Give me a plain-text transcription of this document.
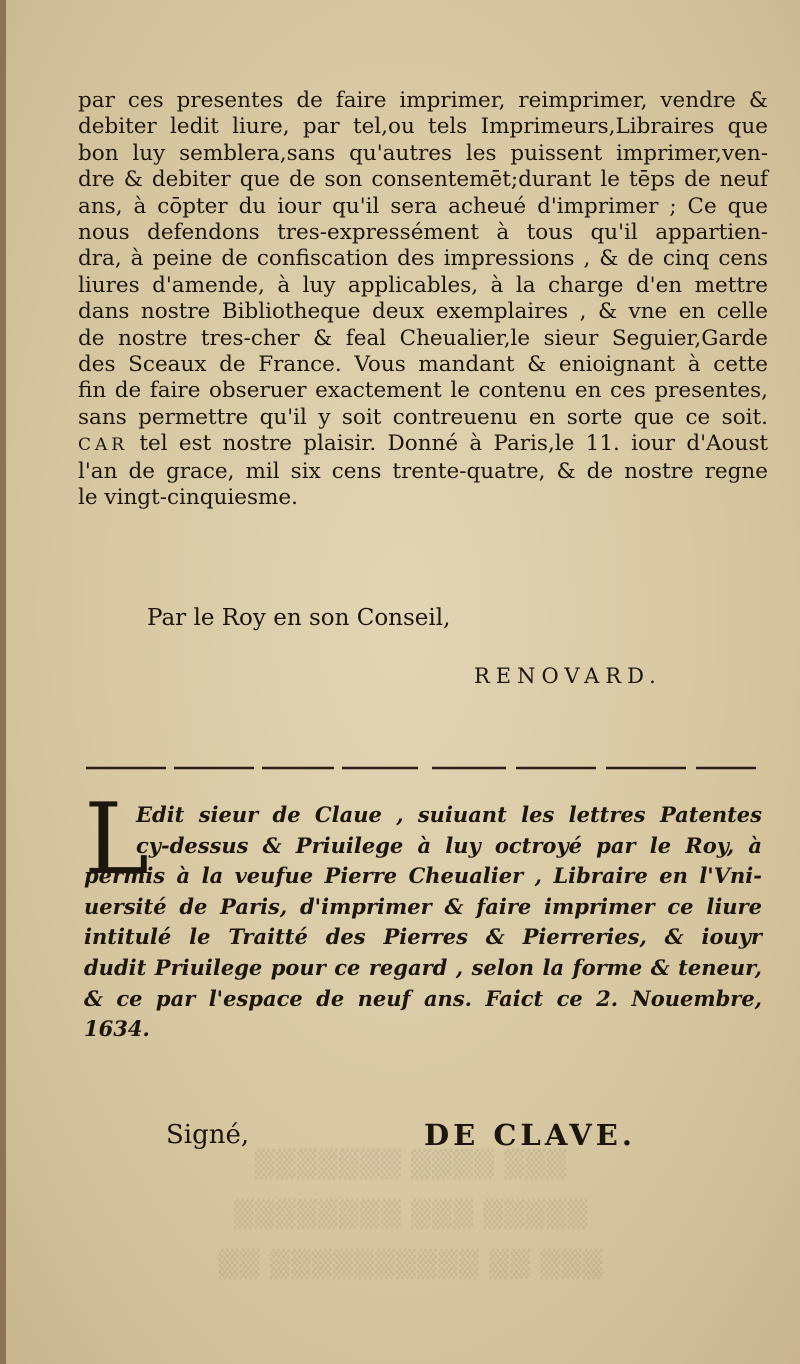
▒▒▒ ▒▒▒▒ ▒▒▒▒▒▒▒
▒▒▒▒▒ ▒▒▒ ▒▒▒▒▒▒▒▒
▒▒▒ ▒▒ ▒▒▒▒▒▒▒▒▒▒ ▒▒
par ces presentes de faire imprimer, reimprimer, vendre &
debiter ledit liure, par tel,ou tels Imprimeurs,Libraires que
bon luy semblera,sans qu'autres les puissent imprimer,ven-
dre & debiter que de son consentemēt;durant le tēps de neuf
ans, à cōpter du iour qu'il sera acheué d'imprimer ; Ce que
nous defendons tres-expressément à tous qu'il appartien-
dra, à peine de confiscation des impressions , & de cinq cens
liures d'amende, à luy applicables, à la charge d'en mettre
dans nostre Bibliotheque deux exemplaires , & vne en celle
de nostre tres-cher & feal Cheualier,le sieur Seguier,Garde
des Sceaux de France. Vous mandant & enioignant à cette
fin de faire obseruer exactement le contenu en ces presentes,
sans permettre qu'il y soit contreuenu en sorte que ce soit.
CAR tel est nostre plaisir. Donné à Paris,le 11. iour d'Aoust
l'an de grace, mil six cens trente-quatre, & de nostre regne
le vingt-cinquiesme.
Par le Roy en son Conseil,
RENOVARD.
L
Edit sieur de Claue , suiuant les lettres Patentes
cy-dessus & Priuilege à luy octroyé par le Roy, à
permis à la veufue Pierre Cheualier , Libraire en l'Vni-
uersité de Paris, d'imprimer & faire imprimer ce liure
intitulé le Traitté des Pierres & Pierreries, & iouyr
dudit Priuilege pour ce regard , selon la forme & teneur,
& ce par l'espace de neuf ans. Faict ce 2. Nouembre,
1634.
Signé,	DE CLAVE.
